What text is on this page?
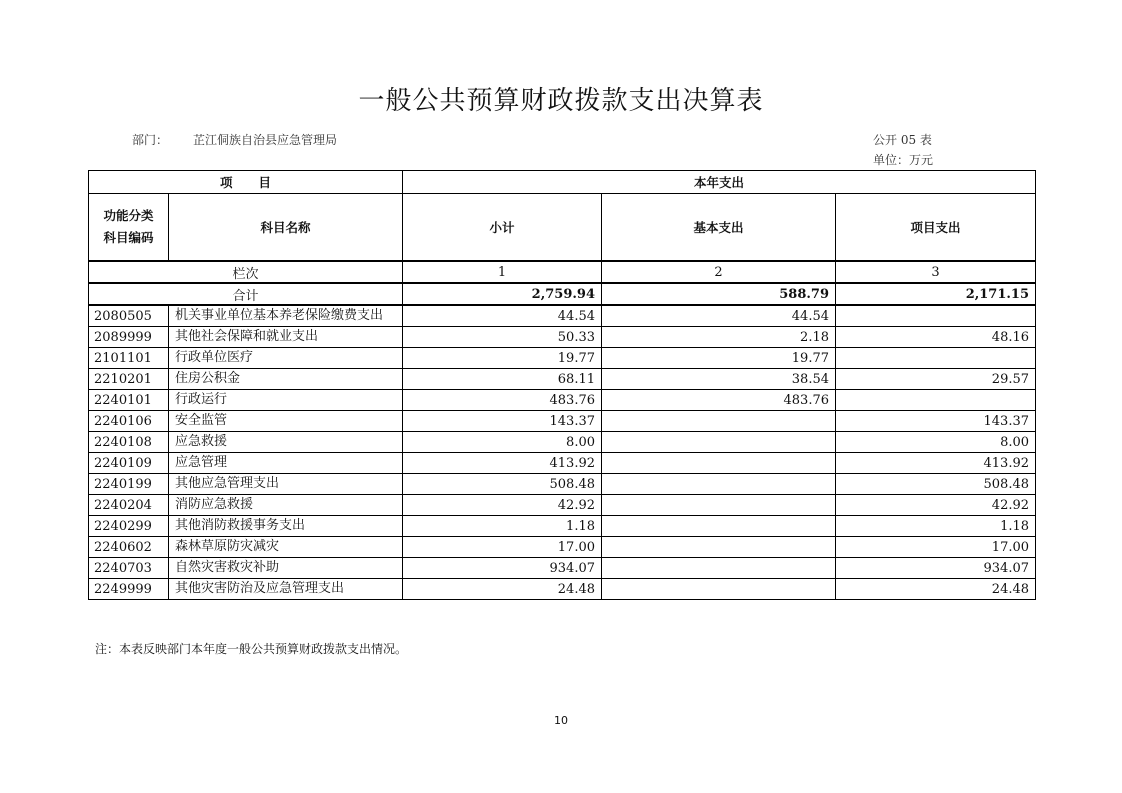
一般公共预算财政拨款支出决算表
部门： 芷江侗族自治县应急管理局	公开 05 表
单位：万元
项      目		本年支出		
功能分类
科目编码	科目名称	小计	基本支出	项目支出
栏次		1	2	3
合计		2,759.94	588.79	2,171.15
2080505	机关事业单位基本养老保险缴费支出	44.54	44.54	
2089999	其他社会保障和就业支出	50.33	2.18	48.16
2101101	行政单位医疗	19.77	19.77	
2210201	住房公积金	68.11	38.54	29.57
2240101	行政运行	483.76	483.76	
2240106	安全监管	143.37		143.37
2240108	应急救援	8.00		8.00
2240109	应急管理	413.92		413.92
2240199	其他应急管理支出	508.48		508.48
2240204	消防应急救援	42.92		42.92
2240299	其他消防救援事务支出	1.18		1.18
2240602	森林草原防灾减灾	17.00		17.00
2240703	自然灾害救灾补助	934.07		934.07
2249999	其他灾害防治及应急管理支出	24.48		24.48
注：本表反映部门本年度一般公共预算财政拨款支出情况。
10
